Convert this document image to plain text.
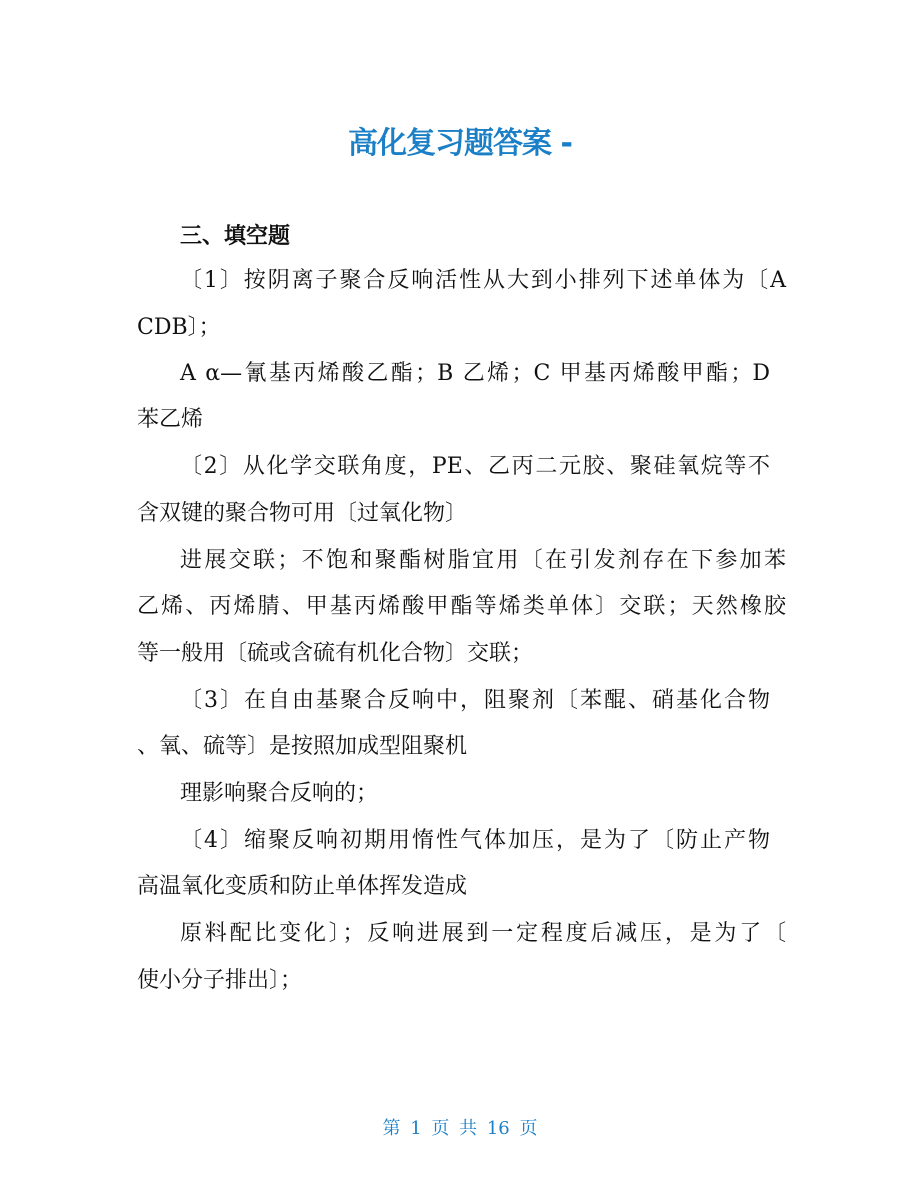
高化复习题答案 -
三、填空题
〔1〕按阴离子聚合反响活性从大到小排列下述单体为〔A
CDB〕；
A α—氰基丙烯酸乙酯；B 乙烯；C 甲基丙烯酸甲酯；D
苯乙烯
〔2〕从化学交联角度，PE、乙丙二元胶、聚硅氧烷等不
含双键的聚合物可用〔过氧化物〕
进展交联；不饱和聚酯树脂宜用〔在引发剂存在下参加苯
乙烯、丙烯腈、甲基丙烯酸甲酯等烯类单体〕交联；天然橡胶
等一般用〔硫或含硫有机化合物〕交联；
〔3〕在自由基聚合反响中，阻聚剂〔苯醌、硝基化合物
、氧、硫等〕是按照加成型阻聚机
理影响聚合反响的；
〔4〕缩聚反响初期用惰性气体加压，是为了〔防止产物
高温氧化变质和防止单体挥发造成
原料配比变化〕；反响进展到一定程度后减压，是为了〔
使小分子排出〕；
第 1 页 共 16 页
